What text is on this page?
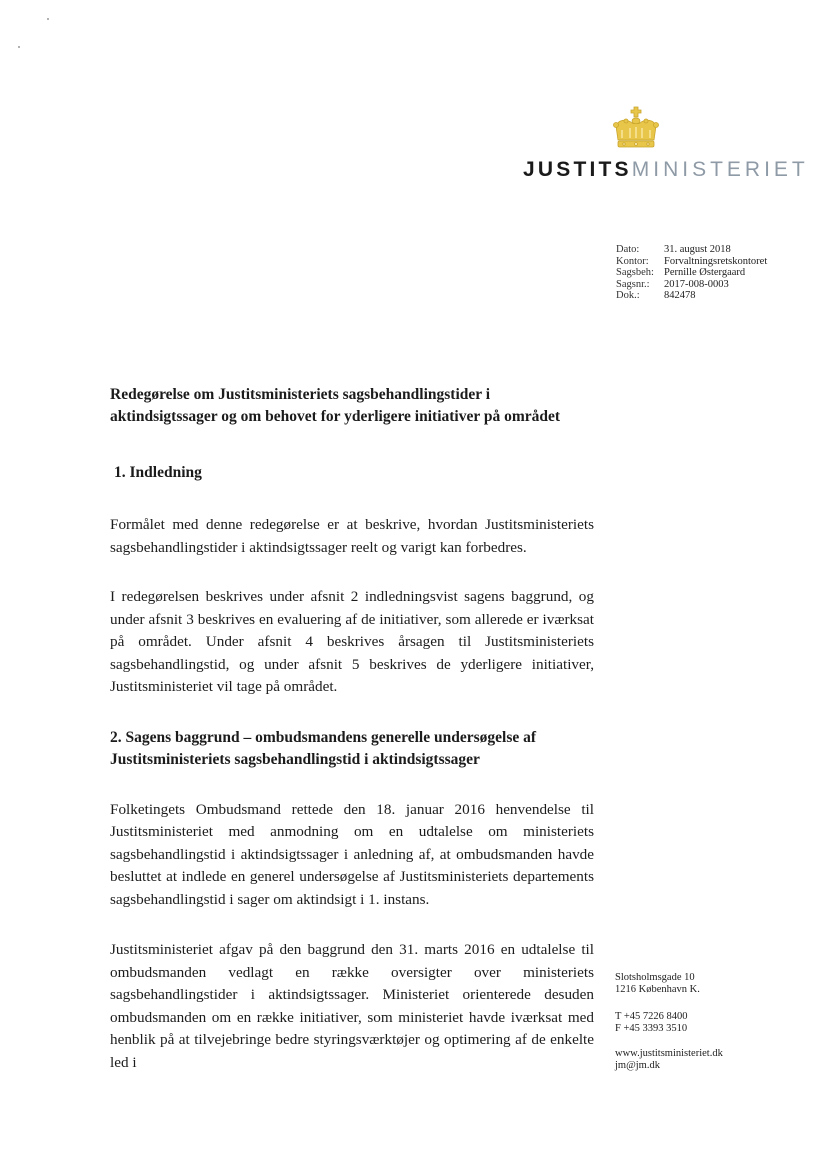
JUSTITSMINISTERIET
Dato:	31. august 2018
Kontor:	Forvaltningsretskontoret
Sagsbeh: Pernille Østergaard
Sagsnr.:	2017-008-0003
Dok.:	842478
Redegørelse om Justitsministeriets sagsbehandlingstider i aktindsigtssager og om behovet for yderligere initiativer på området
1. Indledning

Formålet med denne redegørelse er at beskrive, hvordan Justitsministeriets sagsbehandlingstider i aktindsigtssager reelt og varigt kan forbedres.

I redegørelsen beskrives under afsnit 2 indledningsvist sagens baggrund, og under afsnit 3 beskrives en evaluering af de initiativer, som allerede er iværksat på området. Under afsnit 4 beskrives årsagen til Justitsministeriets sagsbehandlingstid, og under afsnit 5 beskrives de yderligere initiativer, Justitsministeriet vil tage på området.

2. Sagens baggrund – ombudsmandens generelle undersøgelse af Justitsministeriets sagsbehandlingstid i aktindsigtssager

Folketingets Ombudsmand rettede den 18. januar 2016 henvendelse til Justitsministeriet med anmodning om en udtalelse om ministeriets sagsbehandlingstid i aktindsigtssager i anledning af, at ombudsmanden havde besluttet at indlede en generel undersøgelse af Justitsministeriets departements sagsbehandlingstid i sager om aktindsigt i 1. instans.

Justitsministeriet afgav på den baggrund den 31. marts 2016 en udtalelse til ombudsmanden vedlagt en række oversigter over ministeriets sagsbehandlingstider i aktindsigtssager. Ministeriet orienterede desuden ombudsmanden om en række initiativer, som ministeriet havde iværksat med henblik på at tilvejebringe bedre styringsværktøjer og optimering af de enkelte led i

Slotsholmsgade 10
1216 København K.
T +45 7226 8400
F +45 3393 3510
www.justitsministeriet.dk
jm@jm.dk
